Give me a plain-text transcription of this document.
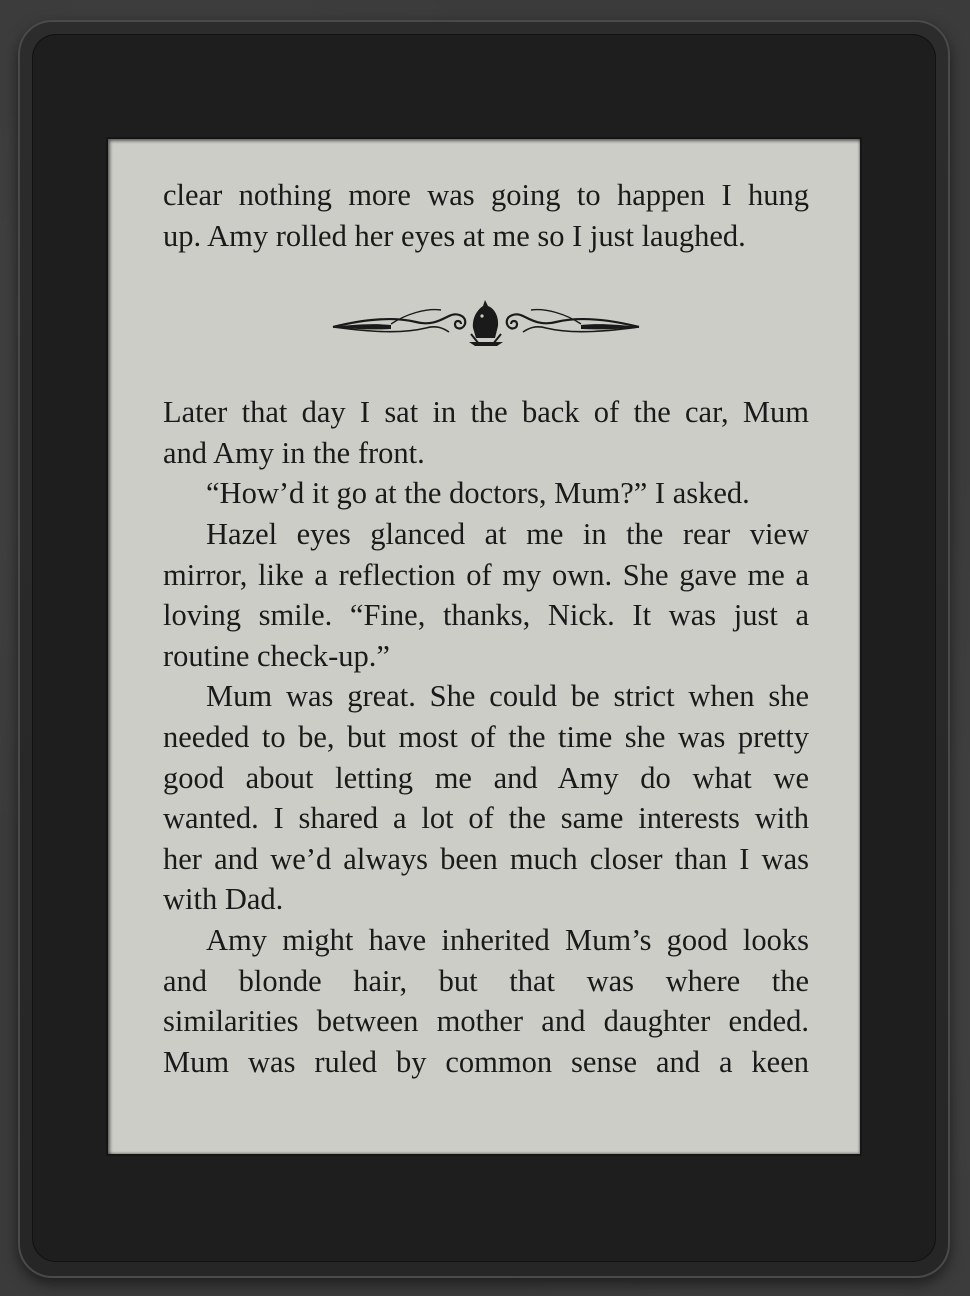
clear nothing more was going to happen I hung
up. Amy rolled her eyes at me so I just laughed.
Later that day I sat in the back of the car, Mum
and Amy in the front.
“How’d it go at the doctors, Mum?” I asked.
Hazel eyes glanced at me in the rear view
mirror, like a reflection of my own. She gave me a
loving smile. “Fine, thanks, Nick. It was just a
routine check-up.”
Mum was great. She could be strict when she
needed to be, but most of the time she was pretty
good about letting me and Amy do what we
wanted. I shared a lot of the same interests with
her and we’d always been much closer than I was
with Dad.
Amy might have inherited Mum’s good looks
and blonde hair, but that was where the
similarities between mother and daughter ended.
Mum was ruled by common sense and a keen
